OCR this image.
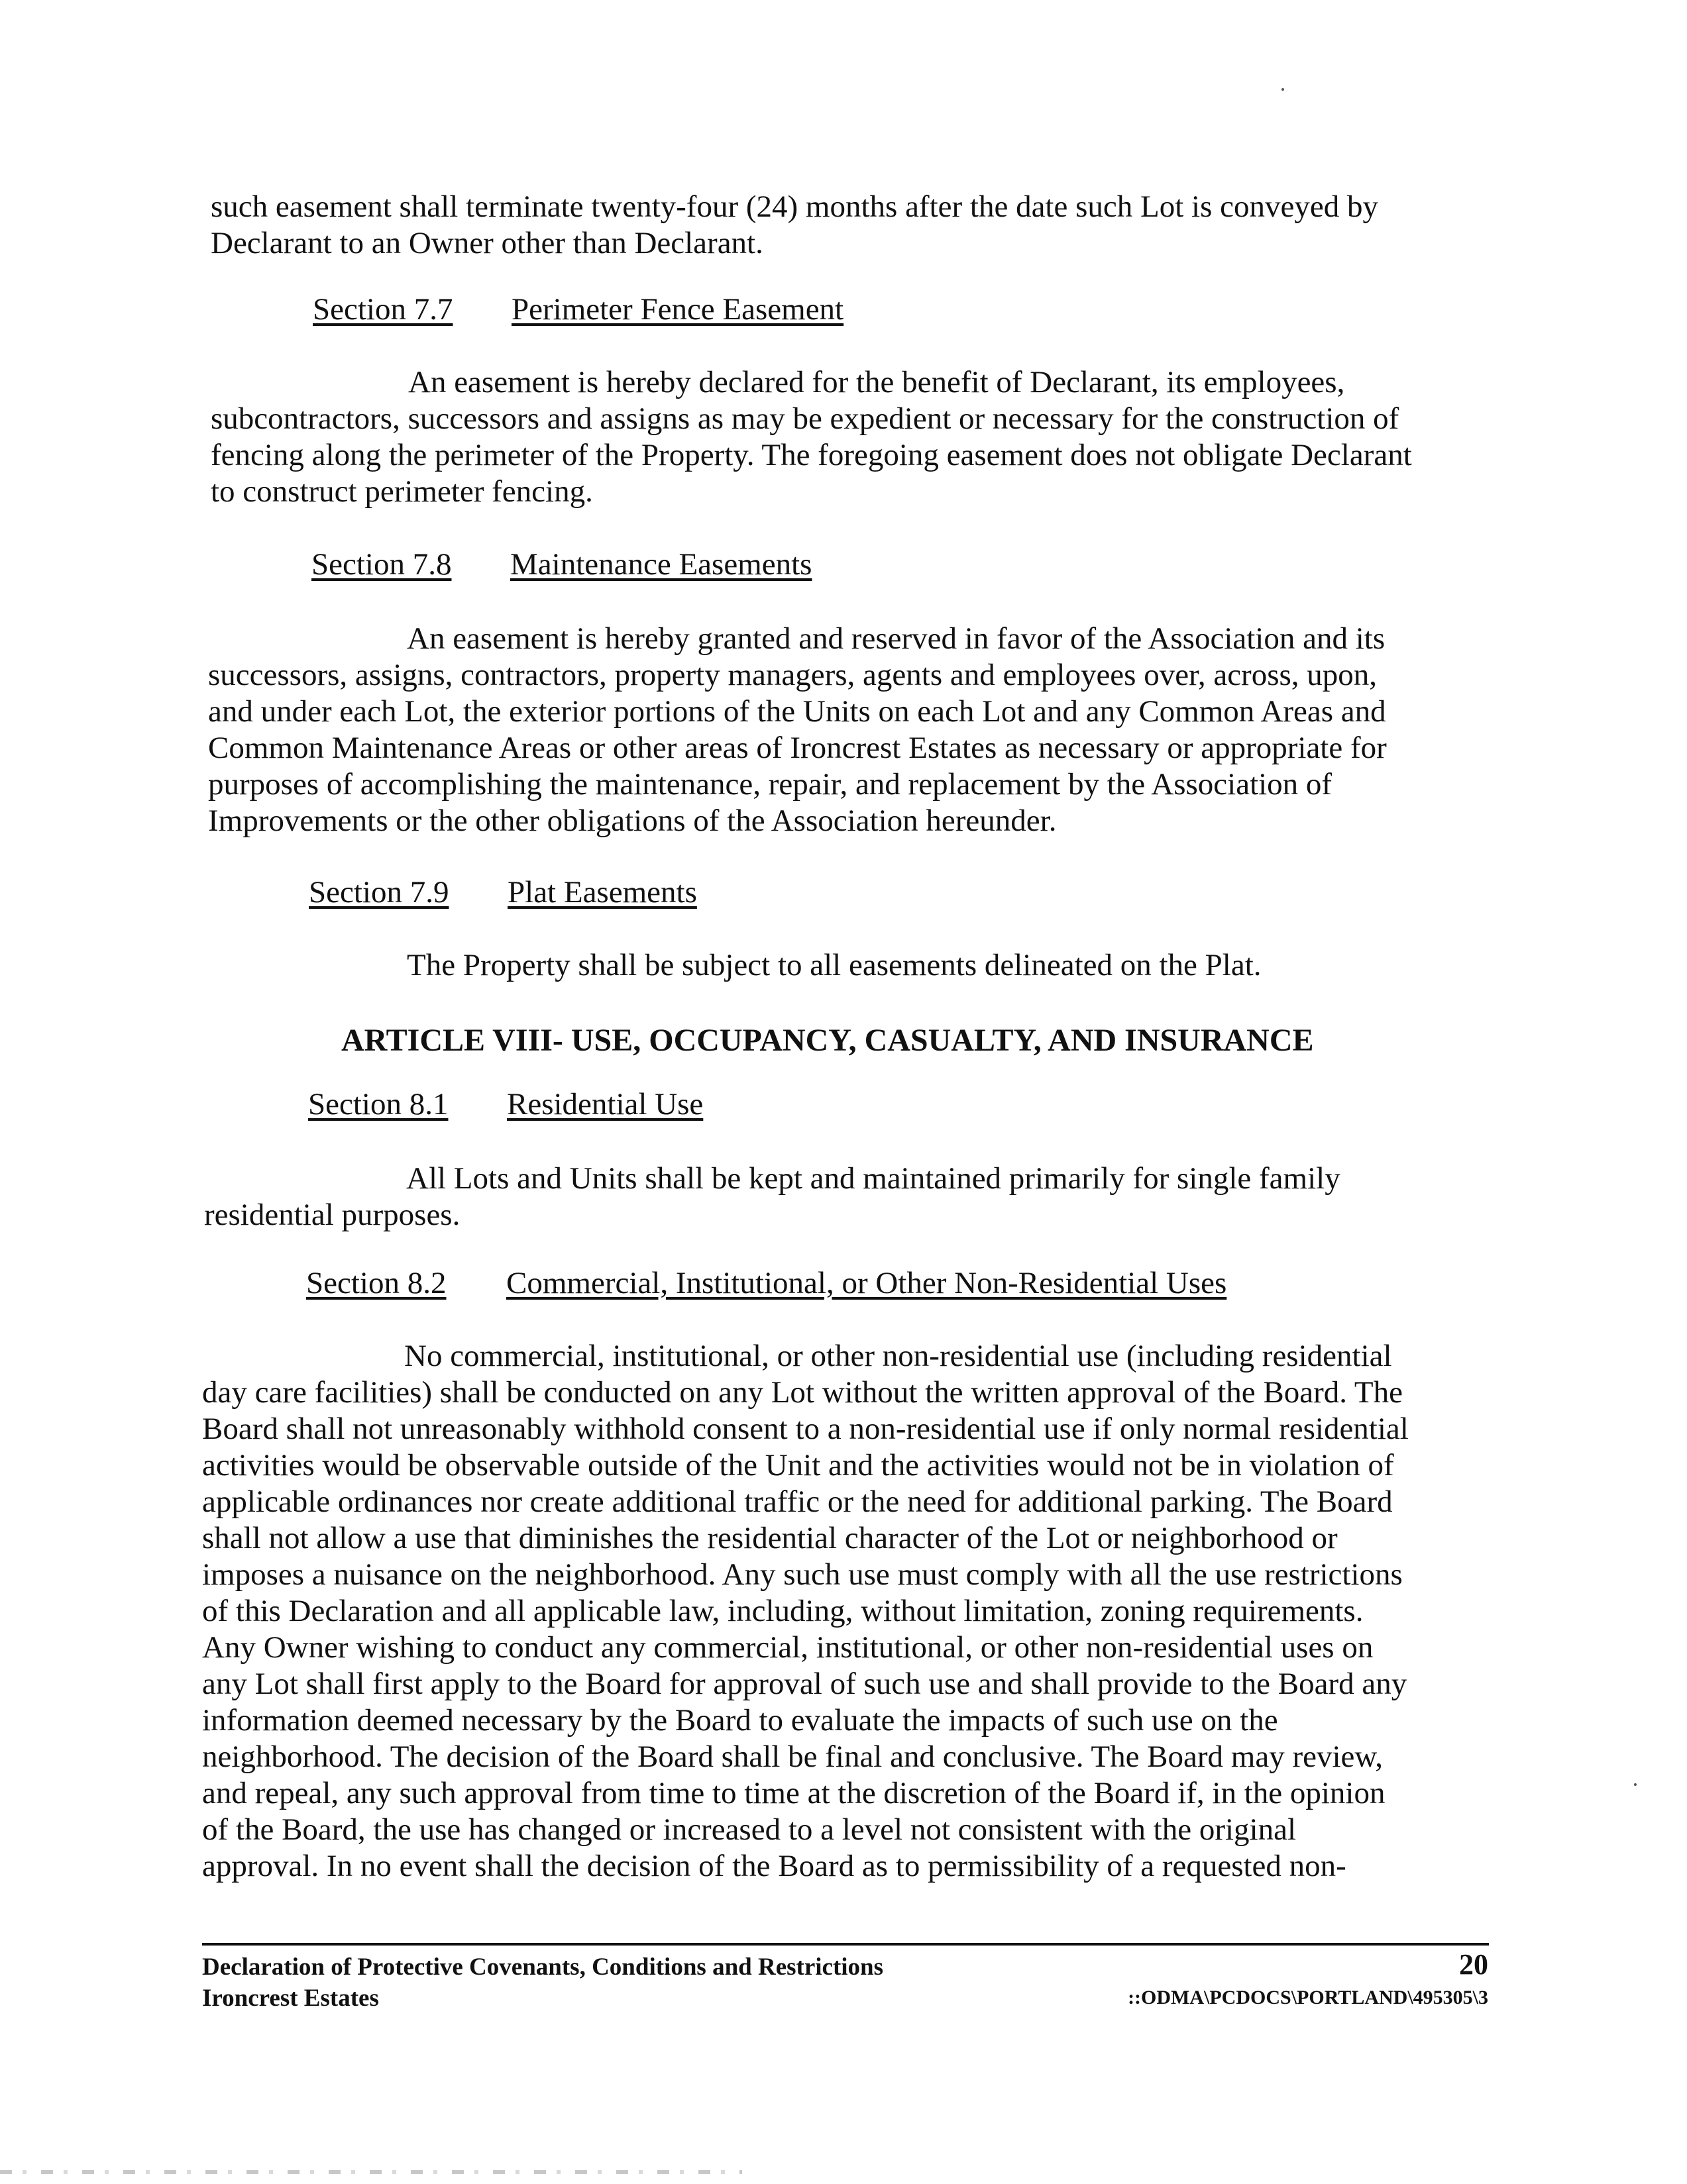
such easement shall terminate twenty-four (24) months after the date such Lot is conveyed by
Declarant to an Owner other than Declarant.
Section 7.7 Perimeter Fence Easement
An easement is hereby declared for the benefit of Declarant, its employees,
subcontractors, successors and assigns as may be expedient or necessary for the construction of
fencing along the perimeter of the Property. The foregoing easement does not obligate Declarant
to construct perimeter fencing.
Section 7.8 Maintenance Easements
An easement is hereby granted and reserved in favor of the Association and its
successors, assigns, contractors, property managers, agents and employees over, across, upon,
and under each Lot, the exterior portions of the Units on each Lot and any Common Areas and
Common Maintenance Areas or other areas of Ironcrest Estates as necessary or appropriate for
purposes of accomplishing the maintenance, repair, and replacement by the Association of
Improvements or the other obligations of the Association hereunder.
Section 7.9 Plat Easements
The Property shall be subject to all easements delineated on the Plat.
ARTICLE VIII- USE, OCCUPANCY, CASUALTY, AND INSURANCE
Section 8.1 Residential Use
All Lots and Units shall be kept and maintained primarily for single family
residential purposes.
Section 8.2 Commercial, Institutional, or Other Non-Residential Uses
No commercial, institutional, or other non-residential use (including residential
day care facilities) shall be conducted on any Lot without the written approval of the Board. The
Board shall not unreasonably withhold consent to a non-residential use if only normal residential
activities would be observable outside of the Unit and the activities would not be in violation of
applicable ordinances nor create additional traffic or the need for additional parking. The Board
shall not allow a use that diminishes the residential character of the Lot or neighborhood or
imposes a nuisance on the neighborhood. Any such use must comply with all the use restrictions
of this Declaration and all applicable law, including, without limitation, zoning requirements.
Any Owner wishing to conduct any commercial, institutional, or other non-residential uses on
any Lot shall first apply to the Board for approval of such use and shall provide to the Board any
information deemed necessary by the Board to evaluate the impacts of such use on the
neighborhood. The decision of the Board shall be final and conclusive. The Board may review,
and repeal, any such approval from time to time at the discretion of the Board if, in the opinion
of the Board, the use has changed or increased to a level not consistent with the original
approval. In no event shall the decision of the Board as to permissibility of a requested non-
Declaration of Protective Covenants, Conditions and Restrictions
Ironcrest Estates
20
::ODMA\PCDOCS\PORTLAND\495305\3
